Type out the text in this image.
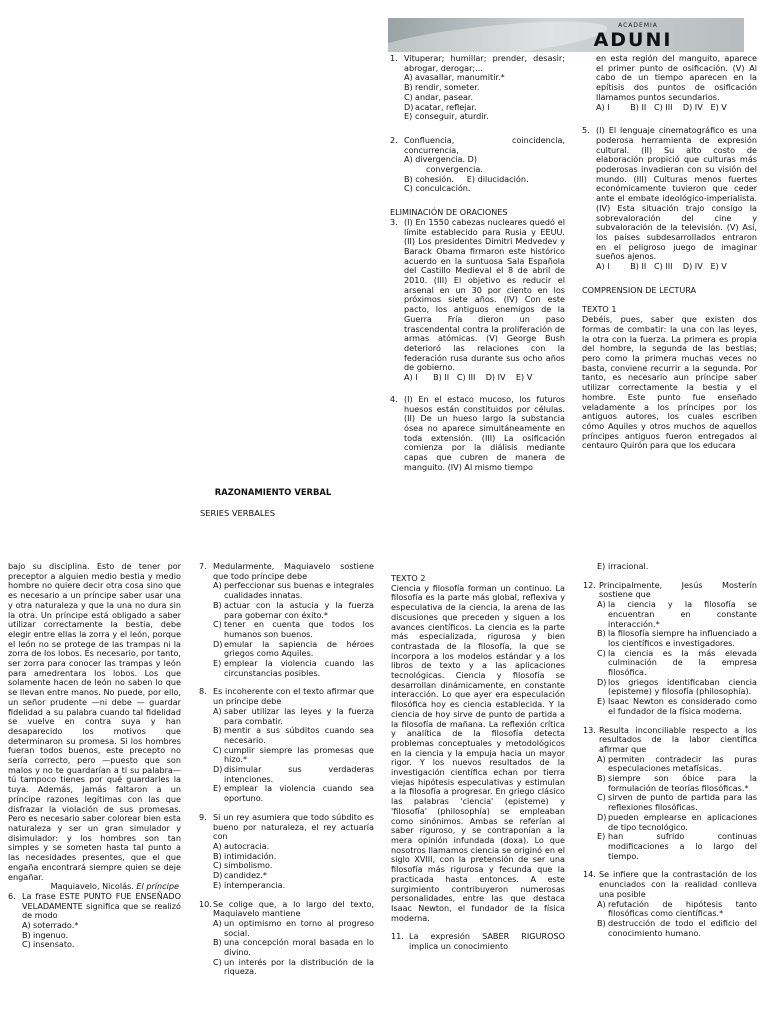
ACADEMIA
ADUNI
RAZONAMIENTO VERBAL
SERIES VERBALES
1. Vituperar; humillar; prender, desasir; abrogar, derogar;...
A) avasallar, manumitir.*
B) rendir, someter.
C) andar, pasear.
D) acatar, reflejar.
E) conseguir, aturdir.
2. Confluencia, coincidencia, concurrencia,
A) divergencia. D)
convergencia.
B) cohesión.     E) dilucidación.
C) conculcación.

ELIMINACIÓN DE ORACIONES

3. (I) En 1550 cabezas nucleares quedó el límite establecido para Rusia y EEUU. (II) Los presidentes Dimitri Medvedev y Barack Obama firmaron este histórico acuerdo en la suntuosa Sala Española del Castillo Medieval el 8 de abril de 2010. (III) El objetivo es reducir el arsenal en un 30 por ciento en los próximos siete años. (IV) Con este pacto, los antiguos enemigos de la Guerra Fría dieron un paso trascendental contra la proliferación de armas atómicas. (V) George Bush deterioró las relaciones con la federación rusa durante sus ocho años de gobierno.
A) I      B) II   C) III    D) IV    E) V
4. (I) En el estaco mucoso, los futuros huesos están constituidos por células. (II) De un hueso largo la substancia ósea no aparece simultáneamente en toda extensión. (III) La osificación comienza por la diálisis mediante capas que cubren de manera de manguito. (IV) Al mismo tiempo

en esta región del manguito, aparece el primer punto de osificación. (V) Al cabo de un tiempo aparecen en la epítisis dos puntos de osificación llamamos puntos secundarios.

A) I        B) II   C) III    D) IV   E) V
5. (I) El lenguaje cinematográfico es una poderosa herramienta de expresión cultural. (II) Su alto costo de elaboración propició que culturas más poderosas invadieran con su visión del mundo. (III) Culturas menos fuertes económicamente tuvieron que ceder ante el embate ideológico-imperialista. (IV) Esta situación trajo consigo la sobrevaloración del cine y subvaloración de la televisión. (V) Así, los países subdesarrollados entraron en el peligroso juego de imaginar sueños ajenos.
A) I        B) II   C) III    D) IV   E) V

COMPRENSION DE LECTURA

TEXTO 1

Debéis, pues, saber que existen dos formas de combatir: la una con las leyes, la otra con la fuerza. La primera es propia del hombre, la segunda de las bestias; pero como la primera muchas veces no basta, conviene recurrir a la segunda. Por tanto, es necesario aun príncipe saber utilizar correctamente la bestia y el hombre. Este punto fue enseñado veladamente a los príncipes por los antiguos autores, los cuales escriben cómo Aquiles y otros muchos de aquellos príncipes antiguos fueron entregados al centauro Quirón para que los educara

bajo su disciplina. Esto de tener por preceptor a alguien medio bestia y medio hombre no quiere decir otra cosa sino que es necesario a un príncipe saber usar una y otra naturaleza y que la una no dura sin la otra. Un príncipe está obligado a saber utilizar correctamente la bestia, debe elegir entre ellas la zorra y el león, porque el león no se protege de las trampas ni la zorra de los lobos. Es necesario, por tanto, ser zorra para conocer las trampas y león para amedrentara los lobos. Los que solamente hacen de león no saben lo que se llevan entre manos. No puede, por ello, un señor prudente —ni debe — guardar fidelidad a su palabra cuando tal fidelidad se vuelve en contra suya y han desaparecido los motivos que determinaron su promesa. Si los hombres fueran todos buenos, este precepto no sería correcto, pero —puesto que son malos y no te guardarían a ti su palabra— tú tampoco tienes por qué guardarles la tuya. Además, jamás faltaron a un príncipe razones legítimas con las que disfrazar la violación de sus promesas. Pero es necesario saber colorear bien esta naturaleza y ser un gran simulador y disimulador: y los hombres son tan simples y se someten hasta tal punto a las necesidades presentes, que el que engaña encontrará siempre quien se deje engañar.

Maquiavelo, Nicolás. El príncipe

6. La frase ESTE PUNTO FUE ENSEÑADO VELADAMENTE significa que se realizó de modo
A) soterrado.*
B) ingenuo.
C) insensato.
7. Medularmente, Maquiavelo sostiene que todo príncipe debe
A) perfeccionar sus buenas e integrales cualidades innatas.
B) actuar con la astucia y la fuerza para gobernar con éxito.*
C) tener en cuenta que todos los humanos son buenos.
D) emular la sapiencia de héroes griegos como Aquiles.
E) emplear la violencia cuando las circunstancias posibles.
8. Es incoherente con el texto afirmar que un príncipe debe
A) saber utilizar las leyes y la fuerza para combatir.
B) mentir a sus súbditos cuando sea necesario.
C) cumplir siempre las promesas que hizo.*
D) disimular sus verdaderas intenciones.
E) emplear la violencia cuando sea oportuno.
9. Si un rey asumiera que todo súbdito es bueno por naturaleza, el rey actuaría con
A) autocracia.
B) intimidación.
C) simbolismo.
D) candidez.*
E) intemperancia.
10. Se colige que, a lo largo del texto, Maquiavelo mantiene
A) un optimismo en torno al progreso social.
B) una concepción moral basada en lo divino.
C) un interés por la distribución de la riqueza.

TEXTO 2

Ciencia y filosofía forman un continuo. La filosofía es la parte más global, reflexiva y especulativa de la ciencia, la arena de las discusiones que preceden y siguen a los avances científicos. La ciencia es la parte más especializada, rigurosa y bien contrastada de la filosofía, la que se incorpora a los modelos estándar y a los libros de texto y a las aplicaciones tecnológicas. Ciencia y filosofía se desarrollan dinámicamente, en constante interacción. Lo que ayer era especulación filosófica hoy es ciencia establecida. Y la ciencia de hoy sirve de punto de partida a la filosofía de mañana. La reflexión crítica y analítica de la filosofía detecta problemas conceptuales y metodológicos en la ciencia y la empuja hacia un mayor rigor. Y los nuevos resultados de la investigación científica echan por tierra viejas hipótesis especulativas y estimulan a la filosofía a progresar. En griego clásico las palabras 'ciencia' (episteme) y 'filosofía' (philosophía) se empleaban como sinónimos. Ambas se referían al saber riguroso, y se contraponían a la mera opinión infundada (doxa). Lo que nosotros llamamos ciencia se originó en el siglo XVIII, con la pretensión de ser una filosofía más rigurosa y fecunda que la practicada hasta entonces. A este surgimiento contribuyeron numerosas personalidades, entre las que destaca Isaac Newton, el fundador de la física moderna.

11. La expresión SABER RIGUROSO implica un conocimiento
E) irracional.
12. Principalmente, Jesús Mosterín sostiene que
A) la ciencia y la filosofía se encuentran en constante interacción.*
B) la filosofía siempre ha influenciado a los científicos e investigadores.
C) la ciencia es la más elevada culminación de la empresa filosófica.
D) los griegos identificaban ciencia (episteme) y filosofía (philosophía).
E) Isaac Newton es considerado como el fundador de la física moderna.
13. Resulta inconciliable respecto a los resultados de la labor científica afirmar que
A) permiten contradecir las puras especulaciones metafísicas.
B) siempre son óbice para la formulación de teorías filosóficas.*
C) sirven de punto de partida para las reflexiones filosóficas.
D) pueden emplearse en aplicaciones de tipo tecnológico.
E) han sufrido continuas modificaciones a lo largo del tiempo.
14. Se infiere que la contrastación de los enunciados con la realidad conlleva una posible
A) refutación de hipótesis tanto filosóficas como científicas.*
B) destrucción de todo el edificio del conocimiento humano.
